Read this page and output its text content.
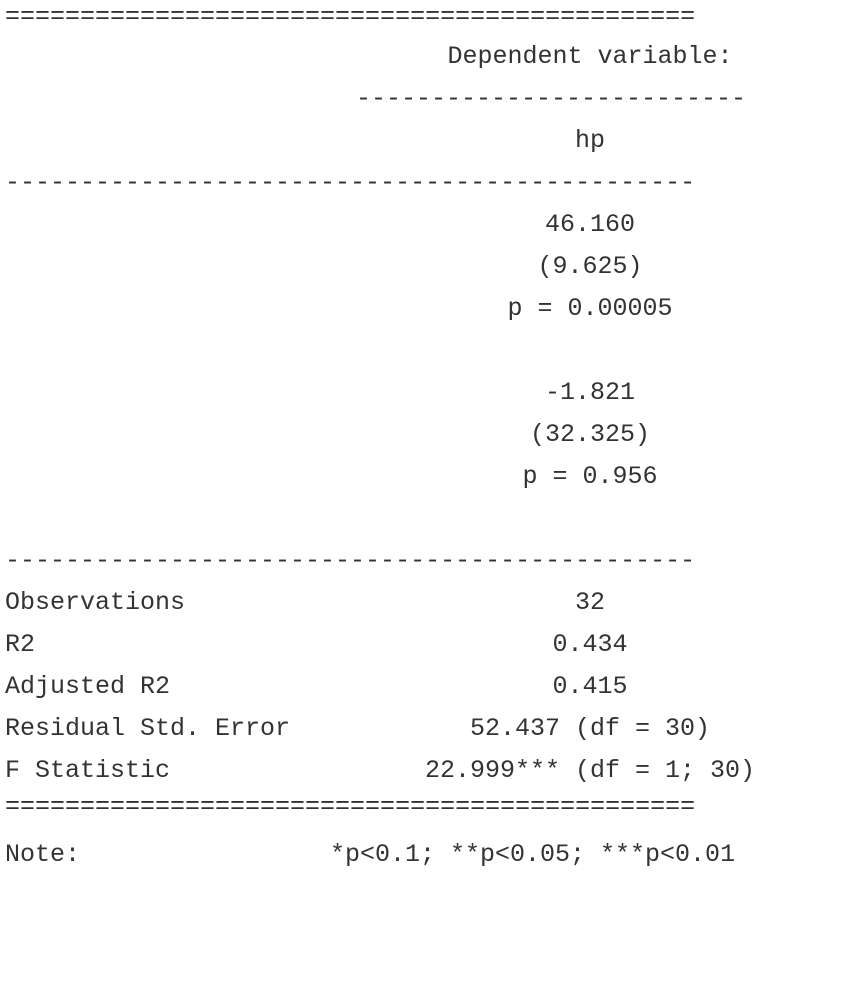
==============================================

Dependent variable:

--------------------------

hp

----------------------------------------------

46.160

(9.625)

p = 0.00005

-1.821

(32.325)

p = 0.956

----------------------------------------------

Observations

	32

R2

	0.434

Adjusted R2

	0.415

Residual Std. Error

	52.437 (df = 30)

F Statistic

	22.999*** (df = 1; 30)

==============================================

Note:

	*p<0.1; **p<0.05; ***p<0.01
